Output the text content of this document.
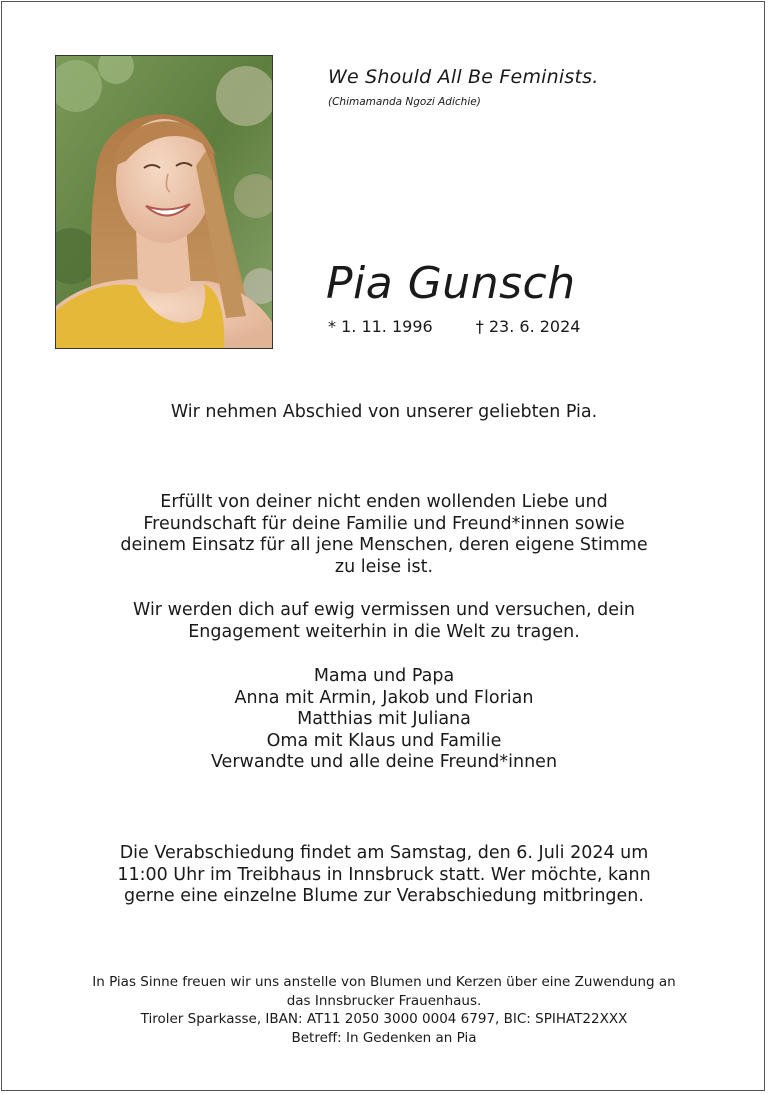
We Should All Be Feminists.
(Chimamanda Ngozi Adichie)
Pia Gunsch
* 1. 11. 1996	† 23. 6. 2024
Wir nehmen Abschied von unserer geliebten Pia.
Erfüllt von deiner nicht enden wollenden Liebe und
Freundschaft für deine Familie und Freund*innen sowie
deinem Einsatz für all jene Menschen, deren eigene Stimme
zu leise ist.
Wir werden dich auf ewig vermissen und versuchen, dein
Engagement weiterhin in die Welt zu tragen.
Mama und Papa
Anna mit Armin, Jakob und Florian
Matthias mit Juliana
Oma mit Klaus und Familie
Verwandte und alle deine Freund*innen
Die Verabschiedung findet am Samstag, den 6. Juli 2024 um
11:00 Uhr im Treibhaus in Innsbruck statt. Wer möchte, kann
gerne eine einzelne Blume zur Verabschiedung mitbringen.
In Pias Sinne freuen wir uns anstelle von Blumen und Kerzen über eine Zuwendung an
das Innsbrucker Frauenhaus.
Tiroler Sparkasse, IBAN: AT11 2050 3000 0004 6797, BIC: SPIHAT22XXX
Betreff: In Gedenken an Pia
